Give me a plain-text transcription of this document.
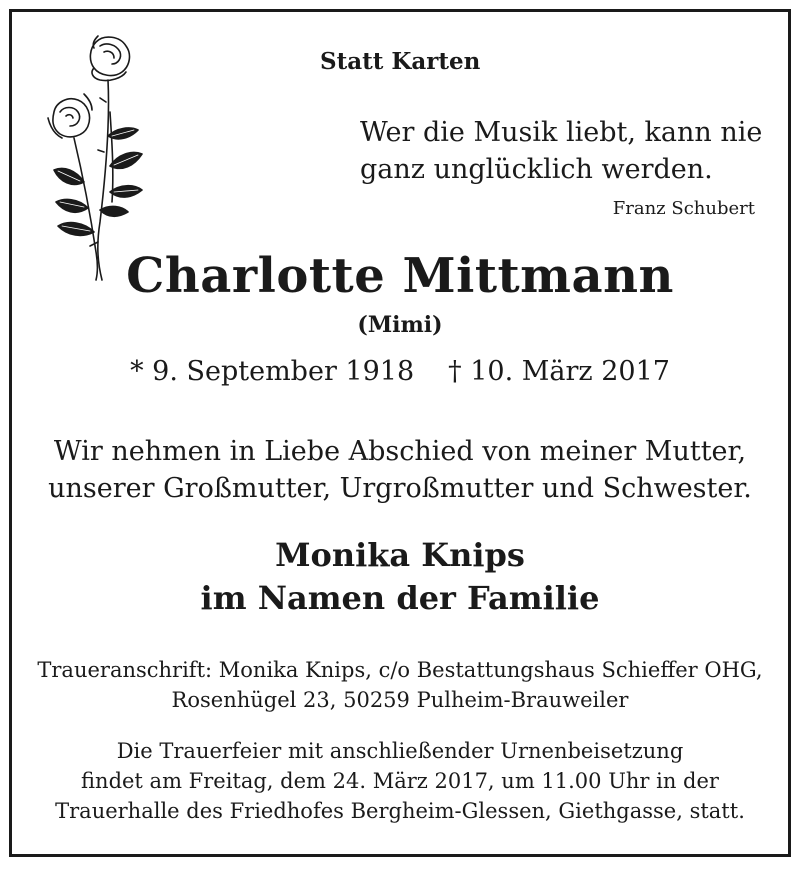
Statt Karten
Wer die Musik liebt, kann nie
ganz unglücklich werden.
Franz Schubert
Charlotte Mittmann
(Mimi)
* 9. September 1918 † 10. März 2017
Wir nehmen in Liebe Abschied von meiner Mutter,
unserer Großmutter, Urgroßmutter und Schwester.
Monika Knips
im Namen der Familie
Traueranschrift: Monika Knips, c/o Bestattungshaus Schieffer OHG,
Rosenhügel 23, 50259 Pulheim-Brauweiler
Die Trauerfeier mit anschließender Urnenbeisetzung
findet am Freitag, dem 24. März 2017, um 11.00 Uhr in der
Trauerhalle des Friedhofes Bergheim-Glessen, Giethgasse, statt.
